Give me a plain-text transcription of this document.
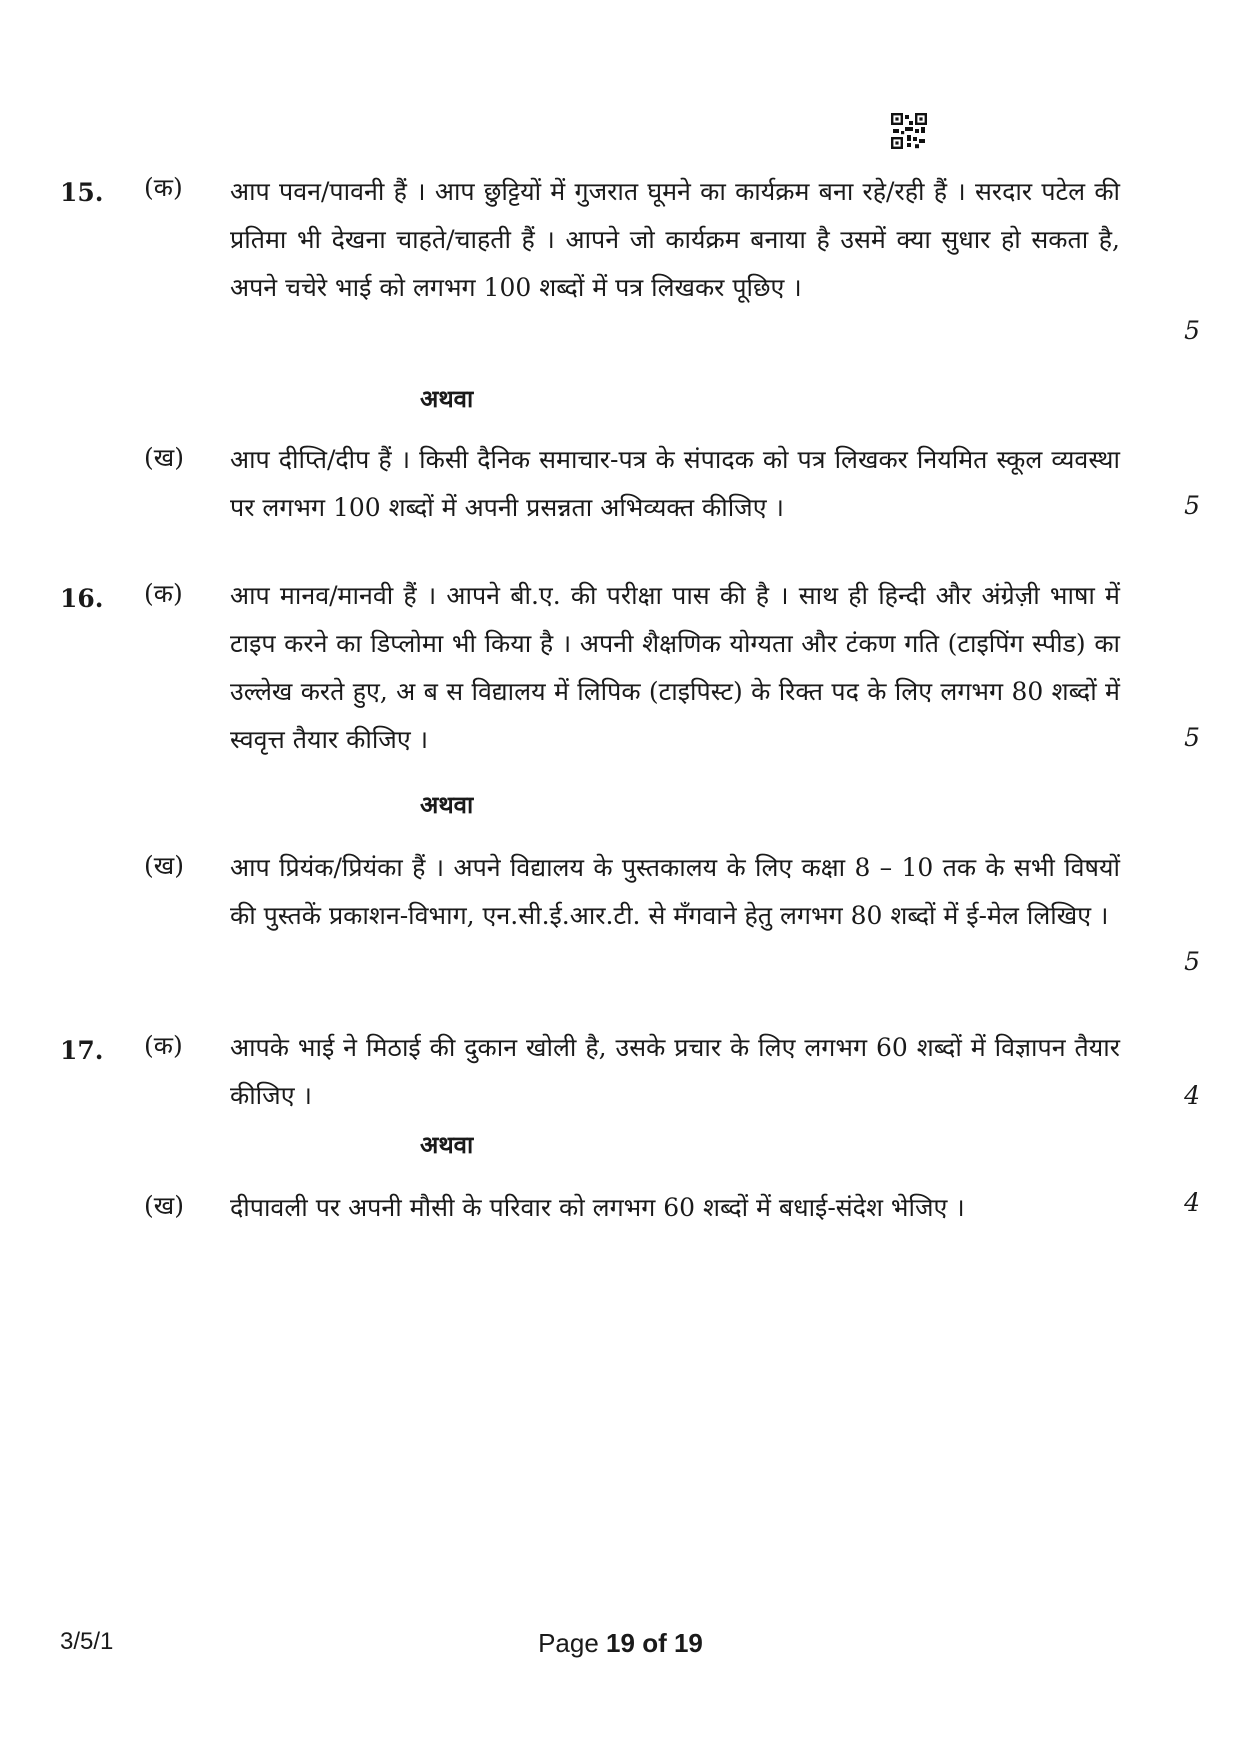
15. (क) आप पवन/पावनी हैं । आप छुट्टियों में गुजरात घूमने का कार्यक्रम बना रहे/रही हैं । सरदार पटेल की प्रतिमा भी देखना चाहते/चाहती हैं । आपने जो कार्यक्रम बनाया है उसमें क्या सुधार हो सकता है, अपने चचेरे भाई को लगभग 100 शब्दों में पत्र लिखकर पूछिए ।
5
अथवा
(ख) आप दीप्ति/दीप हैं । किसी दैनिक समाचार-पत्र के संपादक को पत्र लिखकर नियमित स्कूल व्यवस्था पर लगभग 100 शब्दों में अपनी प्रसन्नता अभिव्यक्त कीजिए ।	5
16. (क) आप मानव/मानवी हैं । आपने बी.ए. की परीक्षा पास की है । साथ ही हिन्दी और अंग्रेज़ी भाषा में टाइप करने का डिप्लोमा भी किया है । अपनी शैक्षणिक योग्यता और टंकण गति (टाइपिंग स्पीड) का उल्लेख करते हुए, अ ब स विद्यालय में लिपिक (टाइपिस्ट) के रिक्त पद के लिए लगभग 80 शब्दों में स्ववृत्त तैयार कीजिए ।	5
अथवा
(ख) आप प्रियंक/प्रियंका हैं । अपने विद्यालय के पुस्तकालय के लिए कक्षा 8 – 10 तक के सभी विषयों की पुस्तकें प्रकाशन-विभाग, एन.सी.ई.आर.टी. से मँगवाने हेतु लगभग 80 शब्दों में ई-मेल लिखिए ।
5
17. (क) आपके भाई ने मिठाई की दुकान खोली है, उसके प्रचार के लिए लगभग 60 शब्दों में विज्ञापन तैयार कीजिए ।	4
अथवा
(ख) दीपावली पर अपनी मौसी के परिवार को लगभग 60 शब्दों में बधाई-संदेश भेजिए ।	4
3/5/1	Page 19 of 19
